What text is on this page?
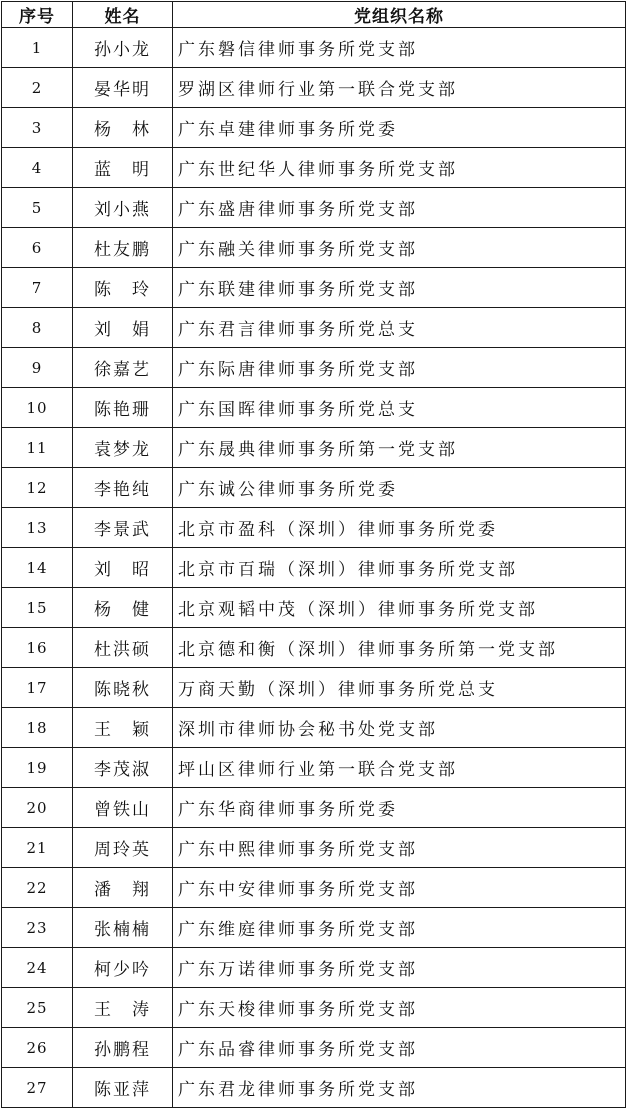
序号	姓名	党组织名称
1	孙小龙	广东磐信律师事务所党支部
2	晏华明	罗湖区律师行业第一联合党支部
3	杨　林	广东卓建律师事务所党委
4	蓝　明	广东世纪华人律师事务所党支部
5	刘小燕	广东盛唐律师事务所党支部
6	杜友鹏	广东融关律师事务所党支部
7	陈　玲	广东联建律师事务所党支部
8	刘　娟	广东君言律师事务所党总支
9	徐嘉艺	广东际唐律师事务所党支部
10	陈艳珊	广东国晖律师事务所党总支
11	袁梦龙	广东晟典律师事务所第一党支部
12	李艳纯	广东诚公律师事务所党委
13	李景武	北京市盈科（深圳）律师事务所党委
14	刘　昭	北京市百瑞（深圳）律师事务所党支部
15	杨　健	北京观韬中茂（深圳）律师事务所党支部
16	杜洪硕	北京德和衡（深圳）律师事务所第一党支部
17	陈晓秋	万商天勤（深圳）律师事务所党总支
18	王　颖	深圳市律师协会秘书处党支部
19	李茂淑	坪山区律师行业第一联合党支部
20	曾铁山	广东华商律师事务所党委
21	周玲英	广东中熙律师事务所党支部
22	潘　翔	广东中安律师事务所党支部
23	张楠楠	广东维庭律师事务所党支部
24	柯少吟	广东万诺律师事务所党支部
25	王　涛	广东天梭律师事务所党支部
26	孙鹏程	广东品睿律师事务所党支部
27	陈亚萍	广东君龙律师事务所党支部
